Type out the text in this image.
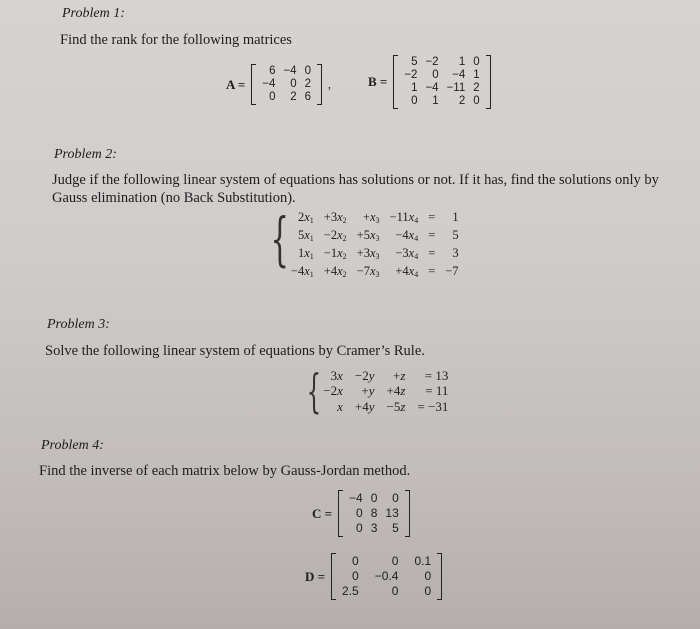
Problem 1:
Find the rank for the following matrices
A =
6 −4 0
−4	0 2
0	2 6
,	B =
5 −2	1 0
−2	0	−4 1
1 −4 −11 2
0	1	2 0
Problem 2:
Judge if the following linear system of equations has solutions or not. If it has, find the solutions only by Gauss elimination (no Back Substitution).
{ $2x_1 +3x_2$	$+x_3 -11x_4$ =	1
$5x_1 -2x_2 +5x_3$	$-4x_4$ =	5
$1x_1 -1x_2 +3x_3$	$-3x_4$ =	3
$-4x_1 +4x_2 -7x_3$	$+4x_4 = -7$
Problem 3:
Solve the following linear system of equations by Cramer’s Rule.
{ 3x −2y	+z	= 13
−2x	+y +4z	= 11
x +4y −5z = −31
Problem 4:
Find the inverse of each matrix below by Gauss-Jordan method.
C =
−4 0	0
0 8 13
0 3	5
D =
0	0	0.1
0	−0.4	0
2.5	0	0
